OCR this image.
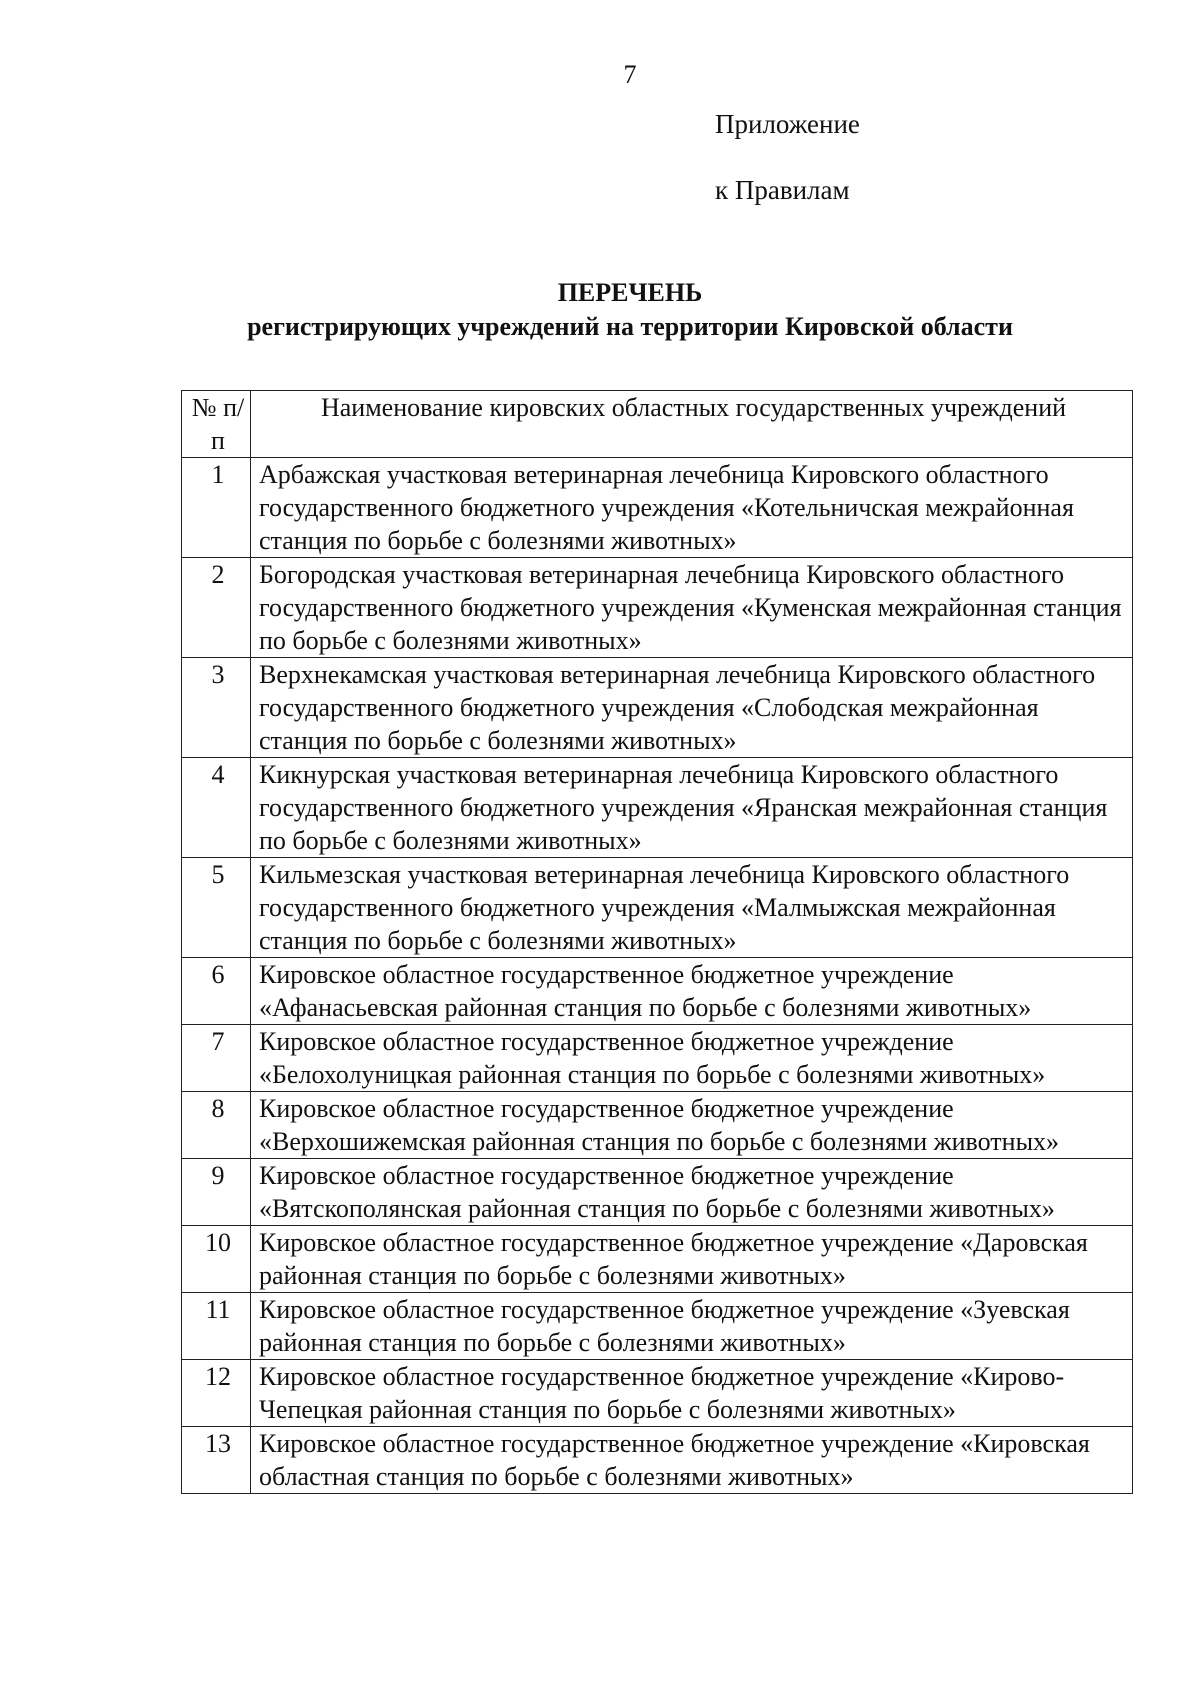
7
Приложение
к Правилам
ПЕРЕЧЕНЬ
регистрирующих учреждений на территории Кировской области
№ п/п	Наименование кировских областных государственных учреждений
1	Арбажская участковая ветеринарная лечебница Кировского областного государственного бюджетного учреждения «Котельничская межрайонная станция по борьбе с болезнями животных»
2	Богородская участковая ветеринарная лечебница Кировского областного государственного бюджетного учреждения «Куменская межрайонная станция по борьбе с болезнями животных»
3	Верхнекамская участковая ветеринарная лечебница Кировского областного государственного бюджетного учреждения «Слободская межрайонная станция по борьбе с болезнями животных»
4	Кикнурская участковая ветеринарная лечебница Кировского областного государственного бюджетного учреждения «Яранская межрайонная станция по борьбе с болезнями животных»
5	Кильмезская участковая ветеринарная лечебница Кировского областного государственного бюджетного учреждения «Малмыжская межрайонная станция по борьбе с болезнями животных»
6	Кировское областное государственное бюджетное учреждение «Афанасьевская районная станция по борьбе с болезнями животных»
7	Кировское областное государственное бюджетное учреждение «Белохолуницкая районная станция по борьбе с болезнями животных»
8	Кировское областное государственное бюджетное учреждение «Верхошижемская районная станция по борьбе с болезнями животных»
9	Кировское областное государственное бюджетное учреждение «Вятскополянская районная станция по борьбе с болезнями животных»
10	Кировское областное государственное бюджетное учреждение «Даровская районная станция по борьбе с болезнями животных»
11	Кировское областное государственное бюджетное учреждение «Зуевская районная станция по борьбе с болезнями животных»
12	Кировское областное государственное бюджетное учреждение «Кирово-Чепецкая районная станция по борьбе с болезнями животных»
13	Кировское областное государственное бюджетное учреждение «Кировская областная станция по борьбе с болезнями животных»
